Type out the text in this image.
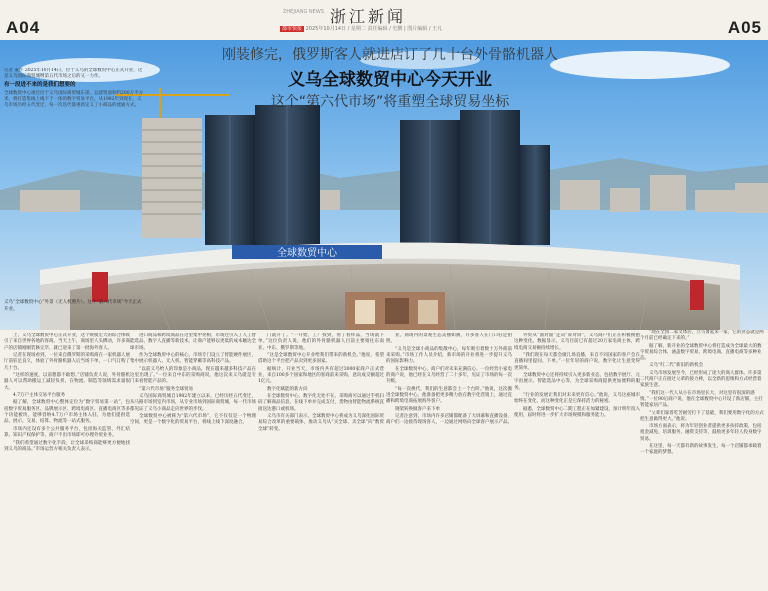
A04
ZHEJIANG NEWS 浙江新闻
都市快报 2025年10月14日 / 星期二 责任编辑 / 史鹏 | 图片编辑 / 王凡	A05
全球数贸中心
刚装修完，俄罗斯客人就进店订了几十台外骨骼机器人
义乌全球数贸中心今天开业
这个“第六代市场”将重塑全球贸易坐标
记者 董宇 2025年10月14日，位于义乌的全球数贸中心正式开业，这是义乌国际商贸城继第五代市场之后的又一力作。
有一段进不来的是我们想要的
全球数贸中心项目位于义乌国际商贸城东部，总建筑面积约200万平方米，将打造集线上线下于一体的数字贸易平台。从1982年到现在，义乌市场历经五代变迁，每一次迭代都重新定义了小商品的流通方式。
义乌“全球数贸中心”外景（无人机照片）。这个“第六代市场”今天正式开业。

上，义乌全球数贸中心正式开业，这个规模宏大的综合体吸引了来自世界各地的客商。当天上午，商场里人头攒动，许多商户的店铺刚刚装修完毕，就已迎来了第一批海外客人。

记者在现场看到，一位来自俄罗斯的采购商在一家机器人展厅前驻足良久，体验了外骨骼机器人后当场下单，一口气订购了几十台。

“这样的速度，以前想都不敢想。”店铺负责人说，外骨骼机器人可以帮助搬运工减轻负担，在物流、制造等领域需求量很大。

4.7万户主体交易平台服务

据了解，全球数贸中心整体定位为“数字贸易第一站”，包括数字贸易服务区、品牌展示区、跨境电商区、直播电商区等多个功能板块，能够容纳4.7万户市场主体入驻，为他们提供选品、展示、交易、结算、物流等一站式服务。

市场内还设有多个公共服务平台，包括海关监管、外汇结算、知识产权保护等，商户不出市场即可办理外贸业务。

“我们希望通过数字化手段，让全球采购商能够更方便地找到义乌的商品。”市场运营方相关负责人表示。

进口商品和跨境商品在这里集中亮相，市场还引入了人工智能选品、数字人直播等新技术，让商户能够以更低的成本触达全球市场。

作为全球数贸中心的核心，市场专门设立了智能硬件展区，集中展示机器人、无人机、智能穿戴等高科技产品。

“以前义乌给人的印象是小商品，现在越来越多科技产品在这里出现了。”一位来自中东的采购商说，他这次来义乌就是专门来看智能产品的。

“第六代市场”服务全球贸易

义乌国际商贸城自1982年建立以来，已经历经五代变迁，从马路市场到室内市场，从专业市场到国际商贸城，每一代市场都见证了义乌小商品走向世界的步伐。

全球数贸中心被称为“第六代市场”，它不仅仅是一个物理空间，更是一个数字化的贸易平台，将线上线下深度融合。

门就开了。“一开始，工厂找到，看了看样品，当场就下单。”这位负责人说，他们的外骨骼机器人目前主要销往东南亚、中东、俄罗斯等地。

“这是全球数贸中心开业给我们带来的新机会。”他说，希望借助这个平台把产品卖到更多国家。

据统计，开业当天，市场内共有超过3000家商户正式营业，来自100多个国家和地区的客商前来采购，意向成交额超过1亿元。

数字化赋能的新方向

在全球数贸中心，数字化无处不在。采购商可以通过手机扫码了解商品信息，在线下单并完成支付，货物由智能物流系统直接送达港口或机场。

义乌市有关部门表示，全球数贸中心将成为义乌深化国际贸易综合改革的重要载体，推动义乌从“买全球、卖全球”向“数贸全球”转变。

业。商场内的景观生态美丽如画，许多客人在门口驻足拍照。

“义乌是全球小商品的集散中心，每年吸引着数十万外商前来采购。”市场工作人员介绍，新市场的开业将进一步提升义乌的国际影响力。

在全球数贸中心，商户们对未来充满信心。一位经营小家电的商户说，他已经在义乌经营了二十多年，见证了市场的每一次升级。

“每一次换代，我们的生意都会上一个台阶。”他说，这次搬进全球数贸中心，他准备把更多精力放在数字化营销上，通过直播和跨境电商拓展海外客户。

钢架转换做客户来下单

记者注意到，市场内许多店铺都配备了大屏幕和直播设备，商户们一边接待现场客人，一边通过网络向全球客户展示产品。

外贸从“面对面”走向“屏对屏”，义乌商户们正在积极拥抱这种变化。数据显示，义乌目前已有超过20万家电商主体，跨境电商交易额持续增长。

“我们现在每天都会做几场直播，来自不同国家的客户会在直播间里提问、下单。”一位年轻的商户说，数字化让生意变得更简单。

全球数贸中心还将持续引入更多新业态，包括数字展厅、元宇宙展示、智能选品中心等，为全球采购商提供更加便利的服务。

“行业的发展让我们对未来更有信心。”他说，义乌这座城市始终在变化，而这种变化正是它保持活力的秘密。

据悉，全球数贸中心二期工程正在加紧建设，预计明年投入使用，届时将进一步扩大市场规模和服务能力。

“现在全国二家文体店，立马暑起来一家，它的业态就是两个月前已经确定下来的。”

据了解，新开业的全球数贸中心将打造成为全球最大的数字贸易综合体，涵盖数字贸易、跨境电商、直播电商等多种业态。

义乌“红二代”新旧的新机会

义乌市场发展至今，已经形成了庞大的商人群体。许多第二代商户正在接过父辈的接力棒，以全新的思维和方式经营着家族生意。

“我们这一代人从小在市场里长大，对这里有很深的感情。”一位90后商户说，他在全球数贸中心开设了新店铺，主打智能家居产品。

“父辈们靠着吃苦耐劳打下了基础，我们要用数字化的方式把生意做得更大。”他说。

市场方面表示，将为年轻创业者提供更多扶持政策，包括租金减免、培训服务、融资支持等，鼓励更多年轻人投身数字贸易。

在这里，每一天都有新的故事发生，每一个店铺都承载着一个家庭的梦想。
